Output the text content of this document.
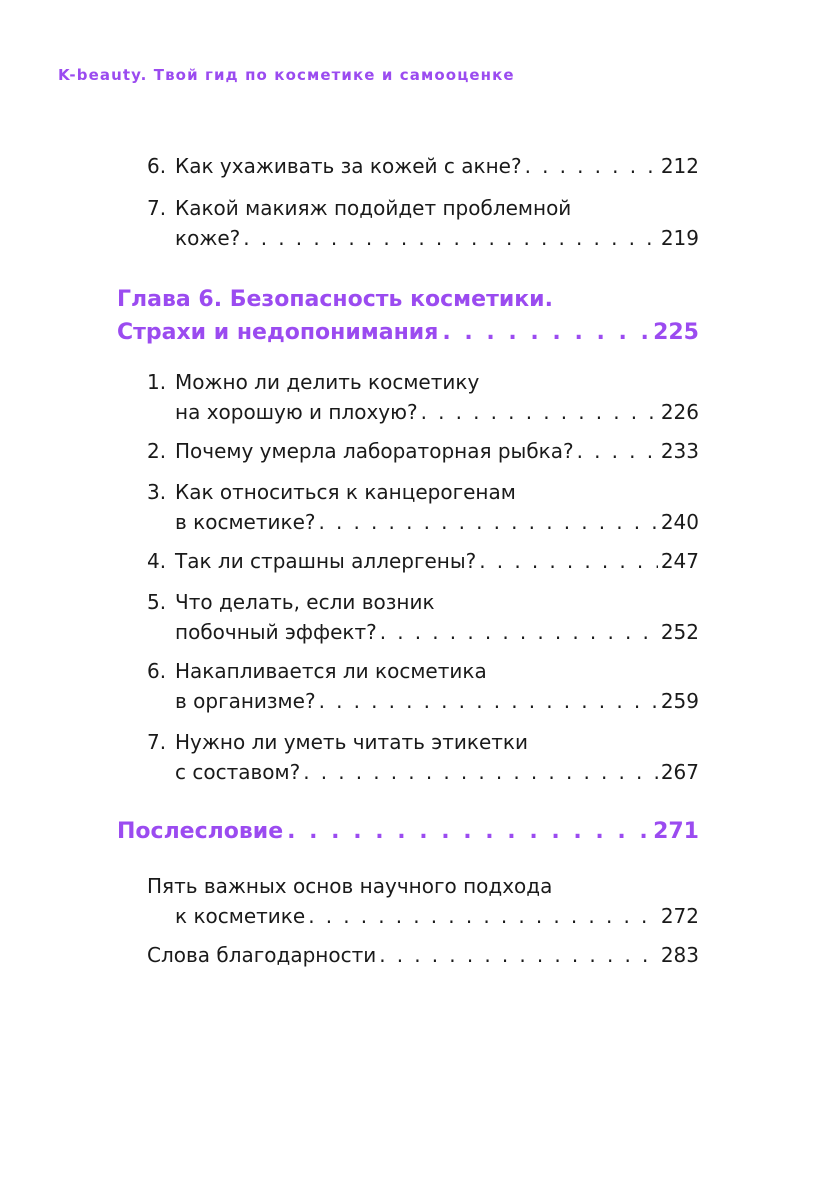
K-beauty. Твой гид по косметике и самооценке
6. Как ухаживать за кожей с акне? . . .	212
7. Какой макияж подойдет проблемной
коже? . . .	219
Глава 6. Безопасность косметики.
Страхи и недопонимания . . .	225
1. Можно ли делить косметику
на хорошую и плохую? . . .	226
2. Почему умерла лабораторная рыбка? . . .	233
3. Как относиться к канцерогенам
в косметике? . . .	240
4. Так ли страшны аллергены? . . .	247
5. Что делать, если возник
побочный эффект? . . .	252
6. Накапливается ли косметика
в организме? . . .	259
7. Нужно ли уметь читать этикетки
с составом? . . .	267
Послесловие . . .	271
Пять важных основ научного подхода
к косметике . . .	272
Слова благодарности . . .	283
